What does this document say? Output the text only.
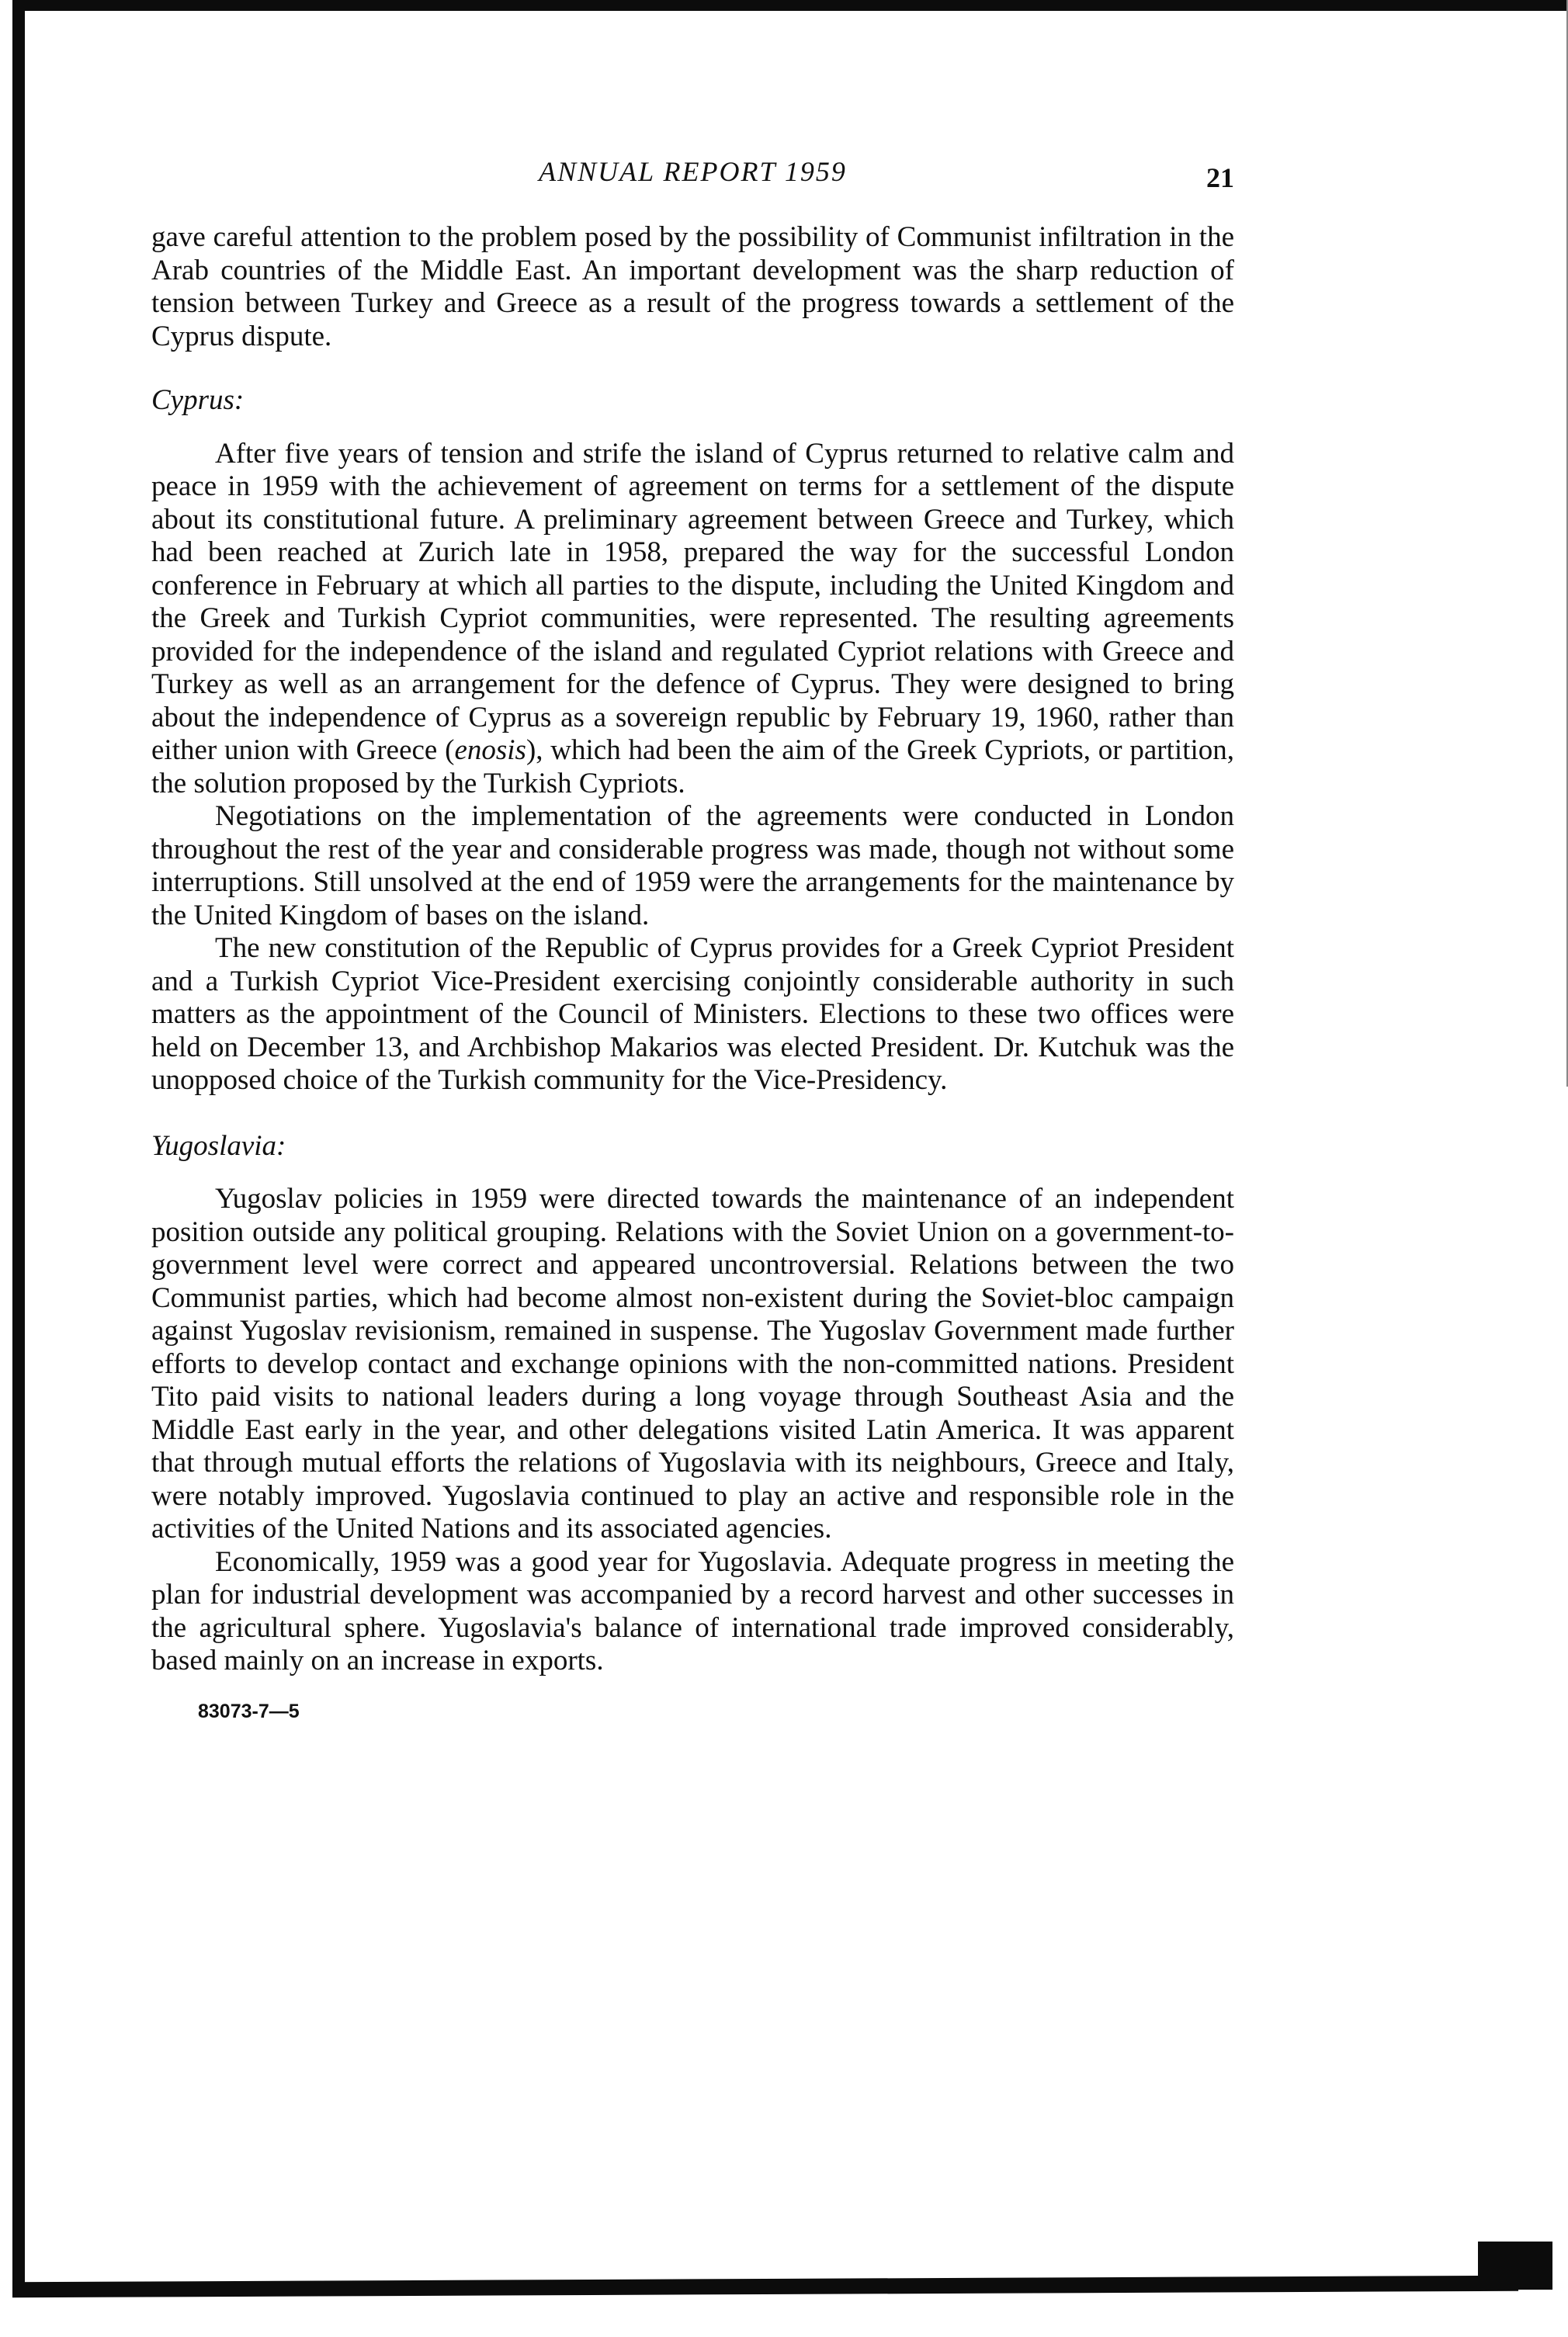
ANNUAL REPORT 1959	21

gave careful attention to the problem posed by the possibility of Communist infiltration in the Arab countries of the Middle East. An important development was the sharp reduction of tension between Turkey and Greece as a result of the progress towards a settlement of the Cyprus dispute.

Cyprus:

After five years of tension and strife the island of Cyprus returned to relative calm and peace in 1959 with the achievement of agreement on terms for a settlement of the dispute about its constitutional future. A preliminary agreement between Greece and Turkey, which had been reached at Zurich late in 1958, prepared the way for the successful London conference in February at which all parties to the dispute, including the United Kingdom and the Greek and Turkish Cypriot communities, were represented. The resulting agreements provided for the independence of the island and regulated Cypriot relations with Greece and Turkey as well as an arrangement for the defence of Cyprus. They were designed to bring about the independence of Cyprus as a sovereign republic by February 19, 1960, rather than either union with Greece (enosis), which had been the aim of the Greek Cypriots, or partition, the solution proposed by the Turkish Cypriots.

Negotiations on the implementation of the agreements were conducted in London throughout the rest of the year and considerable progress was made, though not without some interruptions. Still unsolved at the end of 1959 were the arrangements for the maintenance by the United Kingdom of bases on the island.

The new constitution of the Republic of Cyprus provides for a Greek Cypriot President and a Turkish Cypriot Vice-President exercising conjointly considerable authority in such matters as the appointment of the Council of Ministers. Elections to these two offices were held on December 13, and Archbishop Makarios was elected President. Dr. Kutchuk was the unopposed choice of the Turkish community for the Vice-Presidency.

Yugoslavia:

Yugoslav policies in 1959 were directed towards the maintenance of an independent position outside any political grouping. Relations with the Soviet Union on a government-to-government level were correct and appeared uncontroversial. Relations between the two Communist parties, which had become almost non-existent during the Soviet-bloc campaign against Yugoslav revisionism, remained in suspense. The Yugoslav Government made further efforts to develop contact and exchange opinions with the non-committed nations. President Tito paid visits to national leaders during a long voyage through Southeast Asia and the Middle East early in the year, and other delegations visited Latin America. It was apparent that through mutual efforts the relations of Yugoslavia with its neighbours, Greece and Italy, were notably improved. Yugoslavia continued to play an active and responsible role in the activities of the United Nations and its associated agencies.

Economically, 1959 was a good year for Yugoslavia. Adequate progress in meeting the plan for industrial development was accompanied by a record harvest and other successes in the agricultural sphere. Yugoslavia's balance of international trade improved considerably, based mainly on an increase in exports.

83073-7—5
